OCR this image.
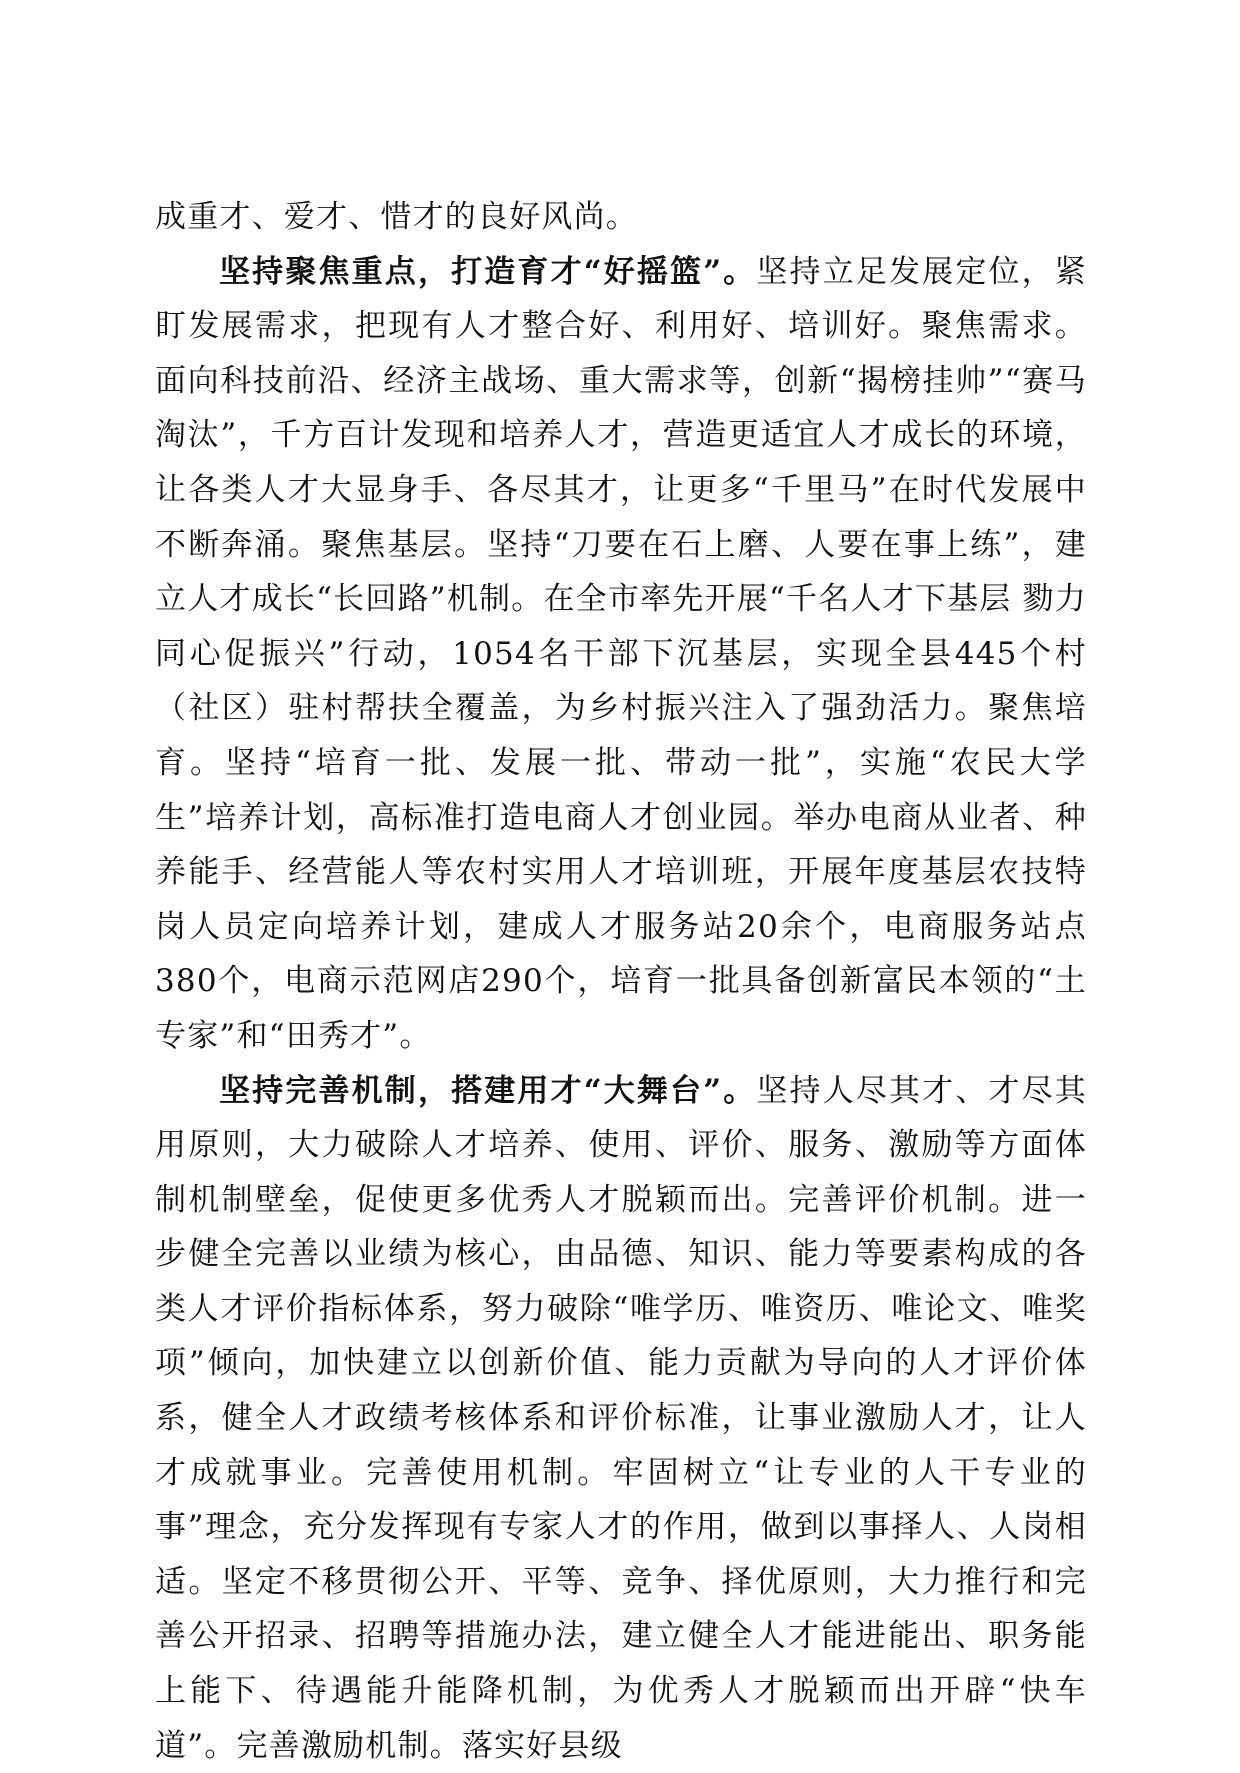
成重才、爱才、惜才的良好风尚。

坚持聚焦重点，打造育才“好摇篮”。坚持立足发展定位，紧盯发展需求，把现有人才整合好、利用好、培训好。聚焦需求。面向科技前沿、经济主战场、重大需求等，创新“揭榜挂帅”“赛马淘汰”，千方百计发现和培养人才，营造更适宜人才成长的环境，让各类人才大显身手、各尽其才，让更多“千里马”在时代发展中不断奔涌。聚焦基层。坚持“刀要在石上磨、人要在事上练”，建立人才成长“长回路”机制。在全市率先开展“千名人才下基层 勠力同心促振兴”行动，1054名干部下沉基层，实现全县445个村（社区）驻村帮扶全覆盖，为乡村振兴注入了强劲活力。聚焦培育。坚持“培育一批、发展一批、带动一批”，实施“农民大学生”培养计划，高标准打造电商人才创业园。举办电商从业者、种养能手、经营能人等农村实用人才培训班，开展年度基层农技特岗人员定向培养计划，建成人才服务站20余个，电商服务站点380个，电商示范网店290个，培育一批具备创新富民本领的“土专家”和“田秀才”。

坚持完善机制，搭建用才“大舞台”。坚持人尽其才、才尽其用原则，大力破除人才培养、使用、评价、服务、激励等方面体制机制壁垒，促使更多优秀人才脱颖而出。完善评价机制。进一步健全完善以业绩为核心，由品德、知识、能力等要素构成的各类人才评价指标体系，努力破除“唯学历、唯资历、唯论文、唯奖项”倾向，加快建立以创新价值、能力贡献为导向的人才评价体系，健全人才政绩考核体系和评价标准，让事业激励人才，让人才成就事业。完善使用机制。牢固树立“让专业的人干专业的事”理念，充分发挥现有专家人才的作用，做到以事择人、人岗相适。坚定不移贯彻公开、平等、竞争、择优原则，大力推行和完善公开招录、招聘等措施办法，建立健全人才能进能出、职务能上能下、待遇能升能降机制，为优秀人才脱颖而出开辟“快车道”。完善激励机制。落实好县级
